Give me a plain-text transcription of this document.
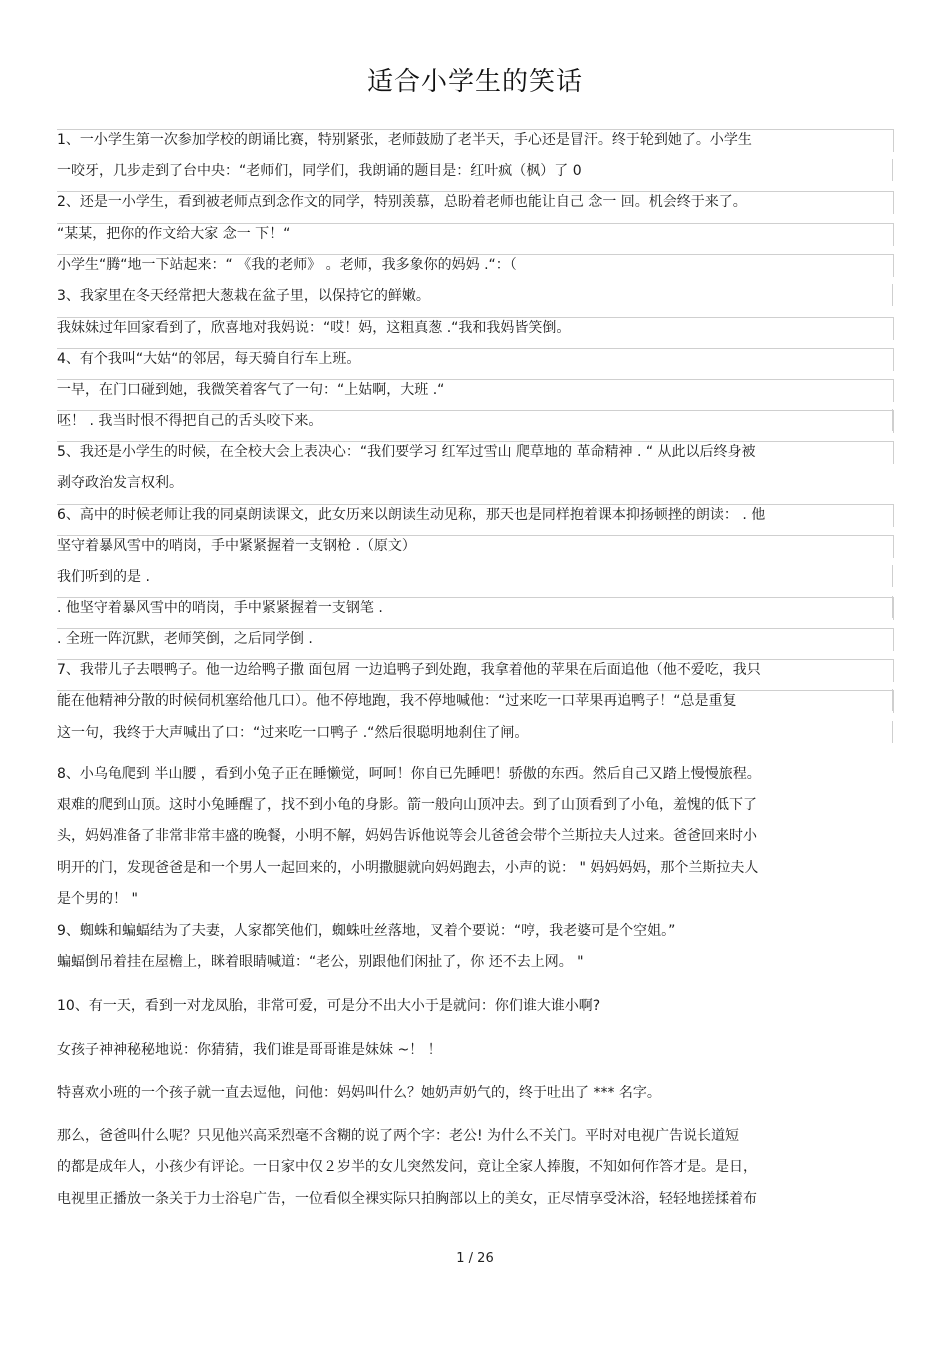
适合小学生的笑话
1、一小学生第一次参加学校的朗诵比赛，特别紧张，老师鼓励了老半天，手心还是冒汗。终于轮到她了。小学生
一咬牙，几步走到了台中央：“老师们，同学们，我朗诵的题目是：红叶疯（枫）了 0
2、还是一小学生，看到被老师点到念作文的同学，特别羡慕，总盼着老师也能让自己 念一 回。机会终于来了。
“某某，把你的作文给大家 念一 下！“
小学生“腾“地一下站起来：“ 《我的老师》 。老师，我多象你的妈妈 .“：（
3、我家里在冬天经常把大葱栽在盆子里，以保持它的鲜嫩。
我妹妹过年回家看到了，欣喜地对我妈说：“哎！妈，这粗真葱 .“我和我妈皆笑倒。
4、有个我叫“大姑“的邻居，每天骑自行车上班。
一早，在门口碰到她，我微笑着客气了一句：“上姑啊，大班 .“
呸！ . 我当时恨不得把自己的舌头咬下来。
5、我还是小学生的时候，在全校大会上表决心：“我们要学习 红军过雪山 爬草地的 革命精神 . “ 从此以后终身被
剥夺政治发言权利。
6、高中的时候老师让我的同桌朗读课文，此女历来以朗读生动见称，那天也是同样抱着课本抑扬顿挫的朗读： . 他
坚守着暴风雪中的哨岗，手中紧紧握着一支钢枪 .（原文）
我们听到的是 .
. 他坚守着暴风雪中的哨岗，手中紧紧握着一支钢笔 .
. 全班一阵沉默，老师笑倒，之后同学倒 .
7、我带儿子去喂鸭子。他一边给鸭子撒 面包屑 一边追鸭子到处跑，我拿着他的苹果在后面追他（他不爱吃，我只
能在他精神分散的时候伺机塞给他几口）。他不停地跑，我不停地喊他：“过来吃一口苹果再追鸭子！“总是重复
这一句，我终于大声喊出了口：“过来吃一口鸭子 .“然后很聪明地刹住了闸。
8、小乌龟爬到 半山腰 ，看到小兔子正在睡懒觉，呵呵！你自已先睡吧！骄傲的东西。然后自己又踏上慢慢旅程。
艰难的爬到山顶。这时小兔睡醒了，找不到小龟的身影。箭一般向山顶冲去。到了山顶看到了小龟，羞愧的低下了
头，妈妈准备了非常非常丰盛的晚餐，小明不解，妈妈告诉他说等会儿爸爸会带个兰斯拉夫人过来。爸爸回来时小
明开的门，发现爸爸是和一个男人一起回来的，小明撒腿就向妈妈跑去，小声的说： " 妈妈妈妈，那个兰斯拉夫人
是个男的！ "
9、蜘蛛和蝙蝠结为了夫妻，人家都笑他们，蜘蛛吐丝落地，叉着个要说：“哼，我老婆可是个空姐。”
蝙蝠倒吊着挂在屋檐上，眯着眼睛喊道：“老公，别跟他们闲扯了，你 还不去上网。 "
10、有一天，看到一对龙凤胎，非常可爱，可是分不出大小于是就问：你们谁大谁小啊?
女孩子神神秘秘地说：你猜猜，我们谁是哥哥谁是妹妹 ~！ ！
特喜欢小班的一个孩子就一直去逗他，问他：妈妈叫什么？她奶声奶气的，终于吐出了 *** 名字。
那么，爸爸叫什么呢？只见他兴高采烈毫不含糊的说了两个字：老公! 为什么不关门。平时对电视广告说长道短
的都是成年人，小孩少有评论。一日家中仅２岁半的女儿突然发问，竟让全家人捧腹，不知如何作答才是。是日，
电视里正播放一条关于力士浴皂广告，一位看似全裸实际只拍胸部以上的美女，正尽情享受沐浴，轻轻地搓揉着布
1 / 26
